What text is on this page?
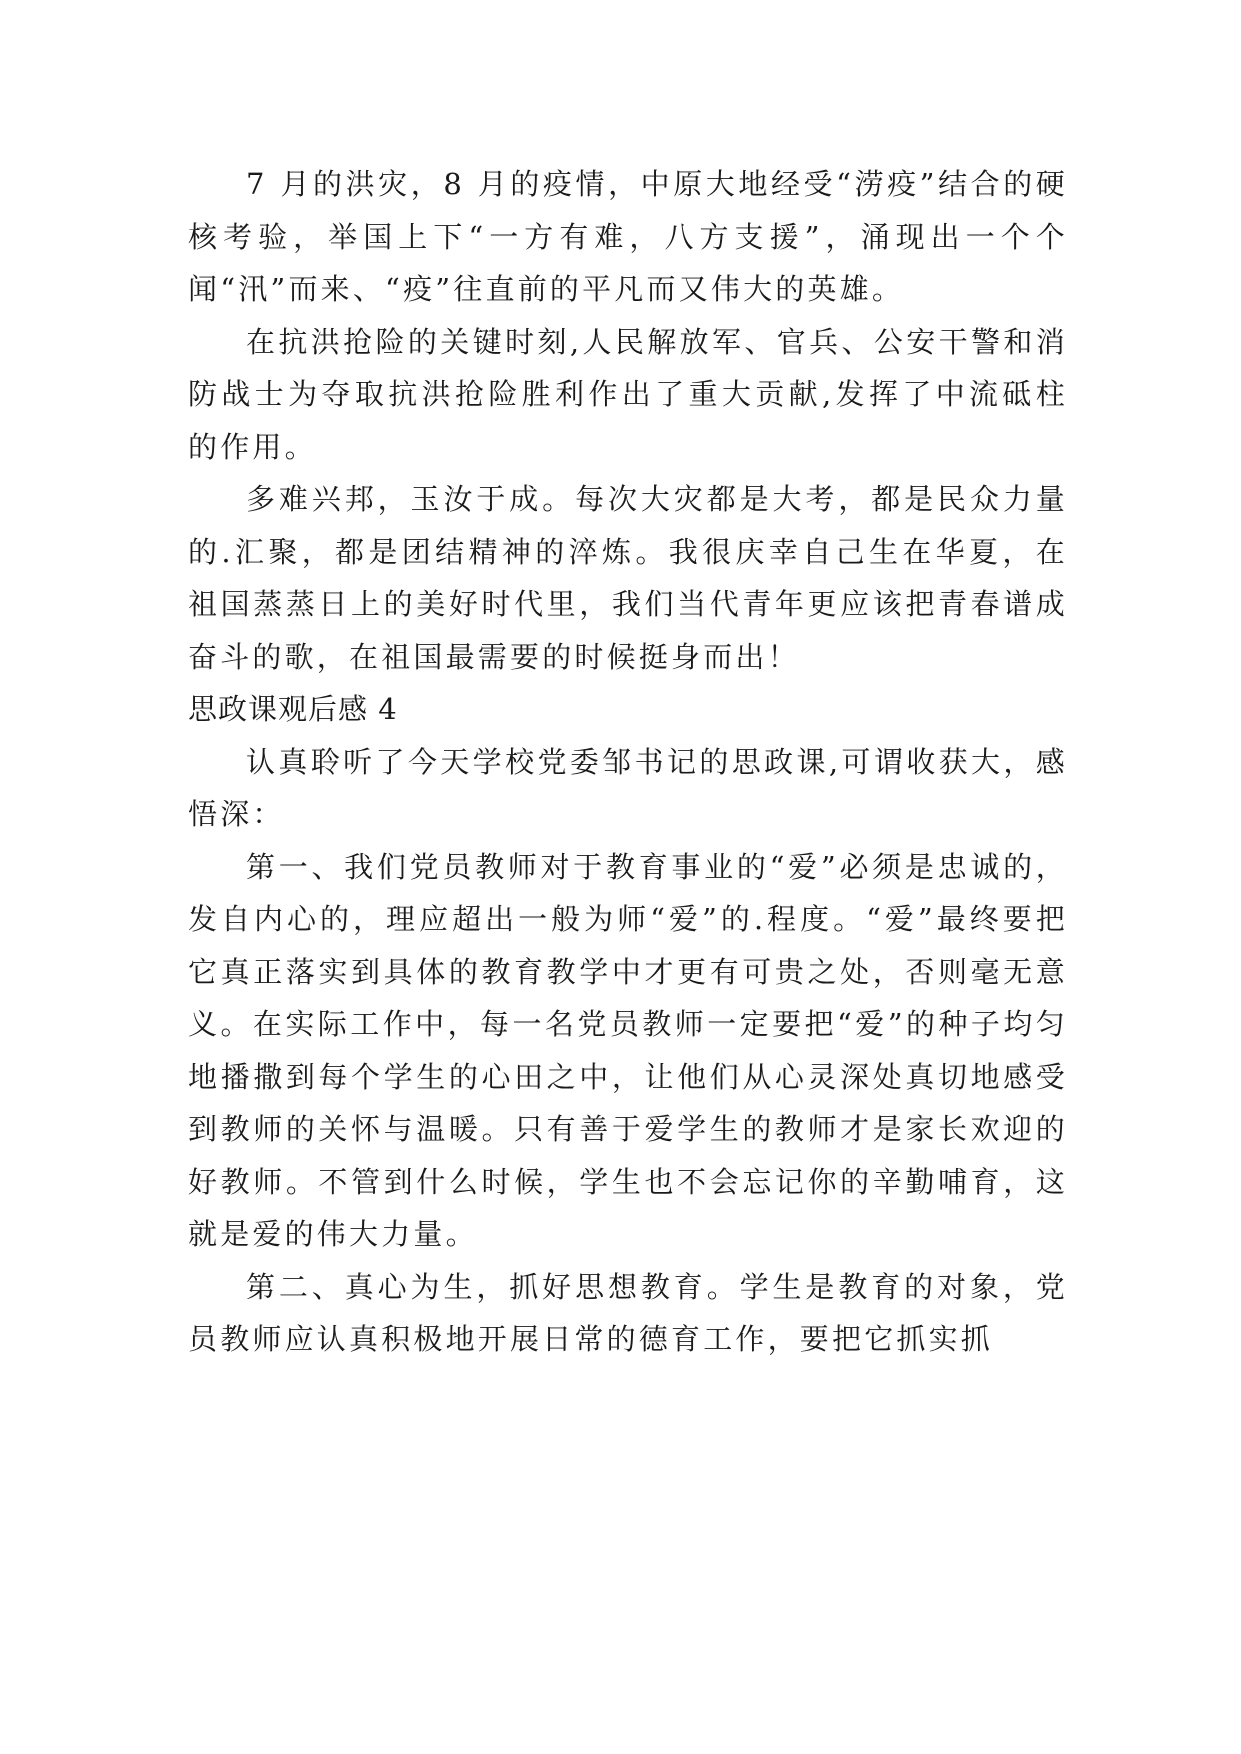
7 月的洪灾，8 月的疫情，中原大地经受“涝疫”结合的硬核考验，举国上下“一方有难，八方支援”，涌现出一个个闻“汛”而来、“疫”往直前的平凡而又伟大的英雄。

在抗洪抢险的关键时刻,人民解放军、官兵、公安干警和消防战士为夺取抗洪抢险胜利作出了重大贡献,发挥了中流砥柱的作用。

多难兴邦，玉汝于成。每次大灾都是大考，都是民众力量的.汇聚，都是团结精神的淬炼。我很庆幸自己生在华夏，在祖国蒸蒸日上的美好时代里，我们当代青年更应该把青春谱成奋斗的歌，在祖国最需要的时候挺身而出！

思政课观后感 4

认真聆听了今天学校党委邹书记的思政课,可谓收获大，感悟深：

第一、我们党员教师对于教育事业的“爱”必须是忠诚的，发自内心的，理应超出一般为师“爱”的.程度。“爱”最终要把它真正落实到具体的教育教学中才更有可贵之处，否则毫无意义。在实际工作中，每一名党员教师一定要把“爱”的种子均匀地播撒到每个学生的心田之中，让他们从心灵深处真切地感受到教师的关怀与温暖。只有善于爱学生的教师才是家长欢迎的好教师。不管到什么时候，学生也不会忘记你的辛勤哺育，这就是爱的伟大力量。

第二、真心为生，抓好思想教育。学生是教育的对象，党员教师应认真积极地开展日常的德育工作，要把它抓实抓
